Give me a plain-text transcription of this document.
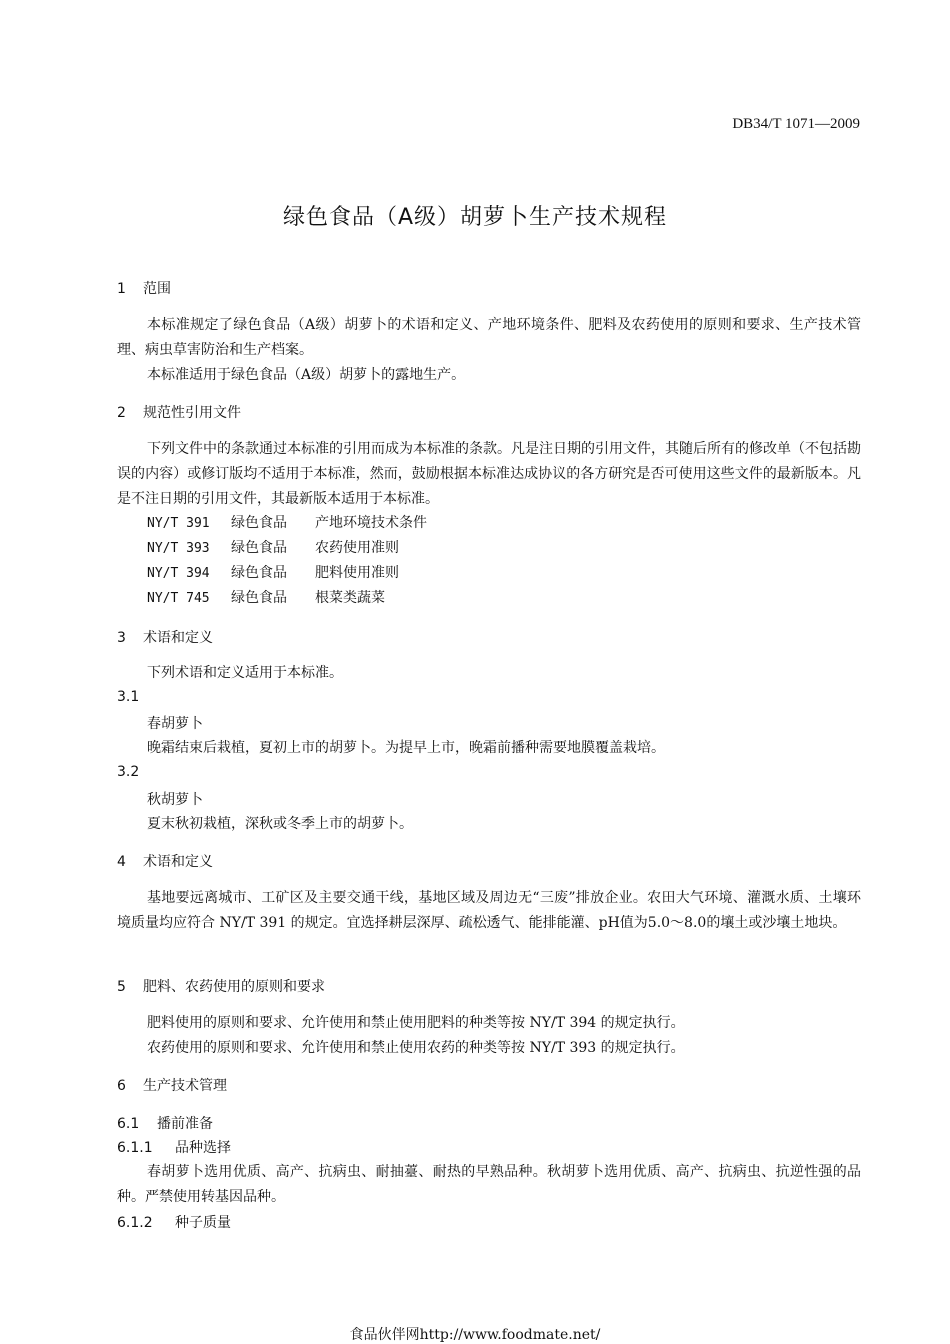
DB34/T 1071—2009
绿色食品（A级）胡萝卜生产技术规程
1 范围
本标准规定了绿色食品（A级）胡萝卜的术语和定义、产地环境条件、肥料及农药使用的原则和要求、生产技术管理、病虫草害防治和生产档案。
本标准适用于绿色食品（A级）胡萝卜的露地生产。
2 规范性引用文件
下列文件中的条款通过本标准的引用而成为本标准的条款。凡是注日期的引用文件，其随后所有的修改单（不包括勘误的内容）或修订版均不适用于本标准，然而，鼓励根据本标准达成协议的各方研究是否可使用这些文件的最新版本。凡是不注日期的引用文件，其最新版本适用于本标准。
NY/T 391 绿色食品 产地环境技术条件
NY/T 393 绿色食品 农药使用准则
NY/T 394 绿色食品 肥料使用准则
NY/T 745 绿色食品 根菜类蔬菜
3 术语和定义
下列术语和定义适用于本标准。
3.1
春胡萝卜
晚霜结束后栽植，夏初上市的胡萝卜。为提早上市，晚霜前播种需要地膜覆盖栽培。
3.2
秋胡萝卜
夏末秋初栽植，深秋或冬季上市的胡萝卜。
4 术语和定义
基地要远离城市、工矿区及主要交通干线，基地区域及周边无“三废”排放企业。农田大气环境、灌溉水质、土壤环境质量均应符合 NY/T 391 的规定。宜选择耕层深厚、疏松透气、能排能灌、pH值为5.0～8.0的壤土或沙壤土地块。
5 肥料、农药使用的原则和要求
肥料使用的原则和要求、允许使用和禁止使用肥料的种类等按 NY/T 394 的规定执行。
农药使用的原则和要求、允许使用和禁止使用农药的种类等按 NY/T 393 的规定执行。
6 生产技术管理
6.1 播前准备
6.1.1 品种选择
春胡萝卜选用优质、高产、抗病虫、耐抽薹、耐热的早熟品种。秋胡萝卜选用优质、高产、抗病虫、抗逆性强的品种。严禁使用转基因品种。
6.1.2 种子质量
食品伙伴网http://www.foodmate.net/
